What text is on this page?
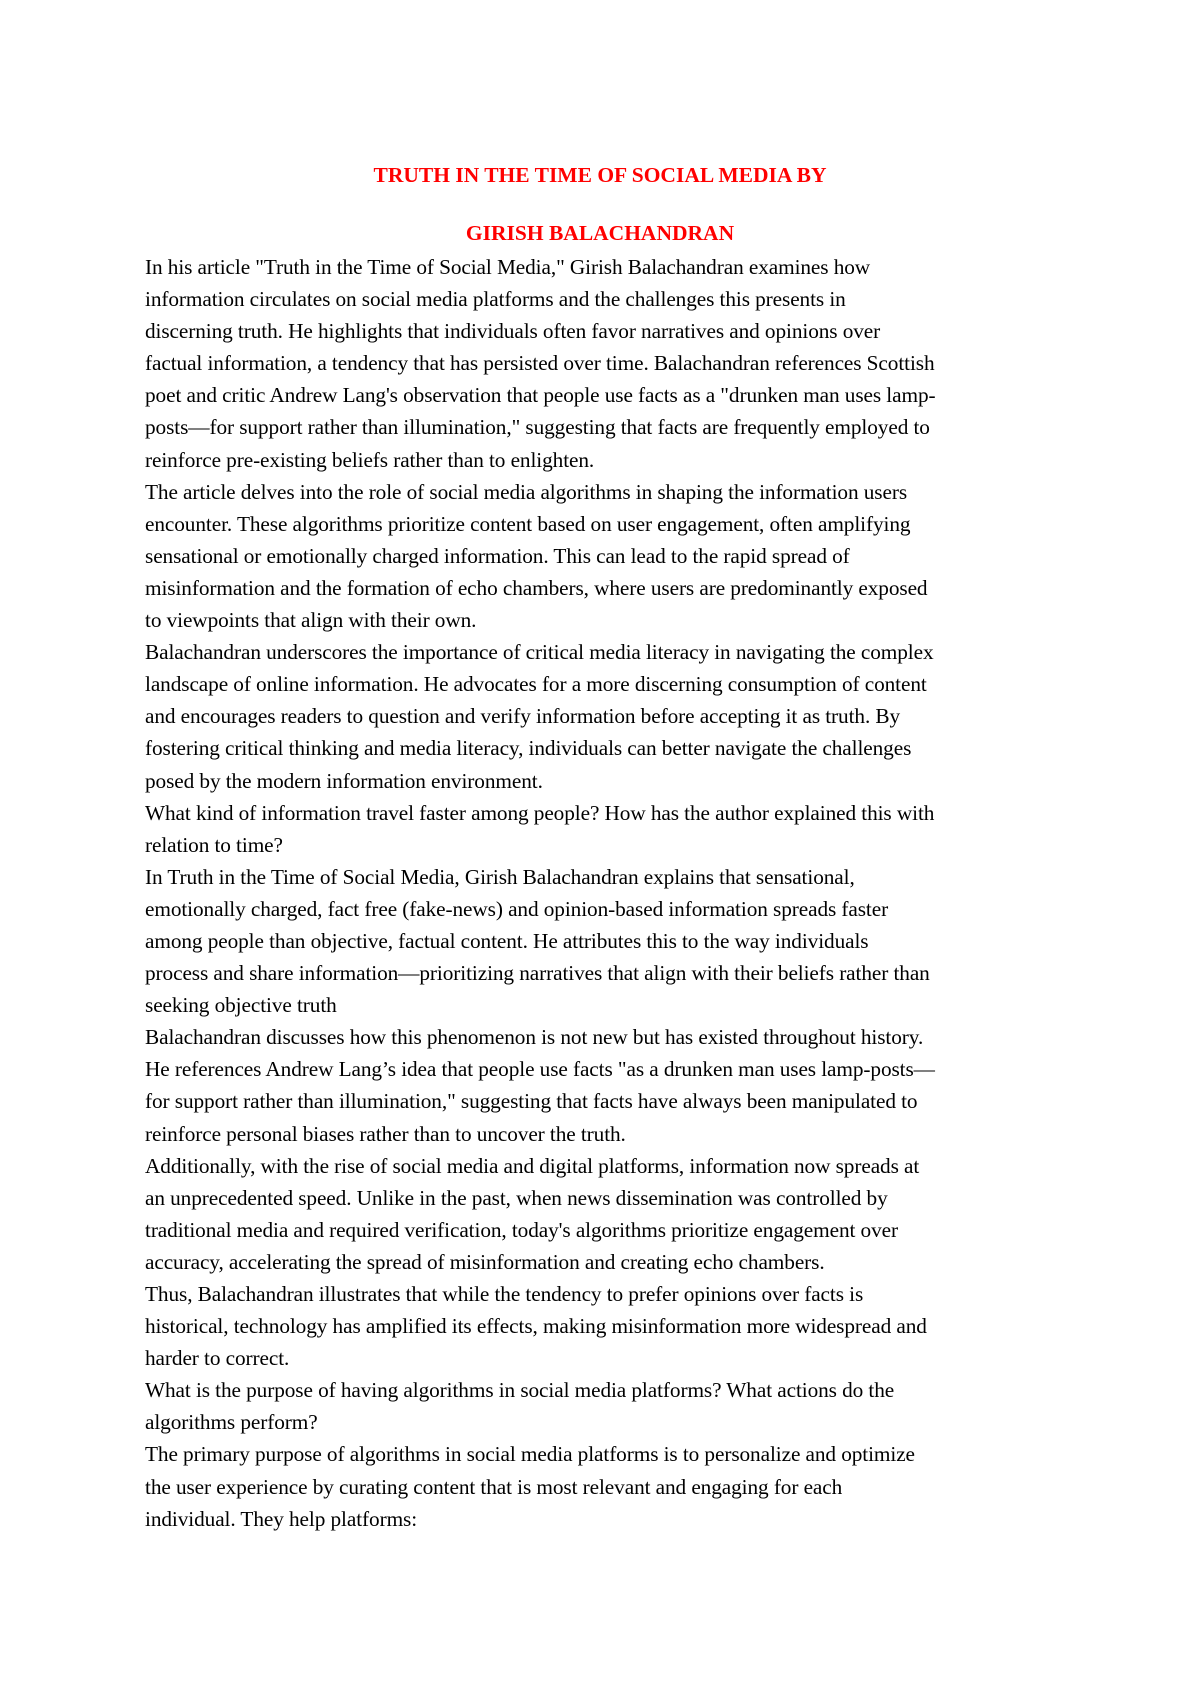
TRUTH IN THE TIME OF SOCIAL MEDIA BY
GIRISH BALACHANDRAN
In his article "Truth in the Time of Social Media," Girish Balachandran examines how
information circulates on social media platforms and the challenges this presents in
discerning truth. He highlights that individuals often favor narratives and opinions over
factual information, a tendency that has persisted over time. Balachandran references Scottish
poet and critic Andrew Lang's observation that people use facts as a "drunken man uses lamp-
posts—for support rather than illumination," suggesting that facts are frequently employed to
reinforce pre-existing beliefs rather than to enlighten.
The article delves into the role of social media algorithms in shaping the information users
encounter. These algorithms prioritize content based on user engagement, often amplifying
sensational or emotionally charged information. This can lead to the rapid spread of
misinformation and the formation of echo chambers, where users are predominantly exposed
to viewpoints that align with their own.
Balachandran underscores the importance of critical media literacy in navigating the complex
landscape of online information. He advocates for a more discerning consumption of content
and encourages readers to question and verify information before accepting it as truth. By
fostering critical thinking and media literacy, individuals can better navigate the challenges
posed by the modern information environment.
What kind of information travel faster among people? How has the author explained this with
relation to time?
In Truth in the Time of Social Media, Girish Balachandran explains that sensational,
emotionally charged, fact free (fake-news) and opinion-based information spreads faster
among people than objective, factual content. He attributes this to the way individuals
process and share information—prioritizing narratives that align with their beliefs rather than
seeking objective truth
Balachandran discusses how this phenomenon is not new but has existed throughout history.
He references Andrew Lang’s idea that people use facts "as a drunken man uses lamp-posts—
for support rather than illumination," suggesting that facts have always been manipulated to
reinforce personal biases rather than to uncover the truth.
Additionally, with the rise of social media and digital platforms, information now spreads at
an unprecedented speed. Unlike in the past, when news dissemination was controlled by
traditional media and required verification, today's algorithms prioritize engagement over
accuracy, accelerating the spread of misinformation and creating echo chambers.
Thus, Balachandran illustrates that while the tendency to prefer opinions over facts is
historical, technology has amplified its effects, making misinformation more widespread and
harder to correct.
What is the purpose of having algorithms in social media platforms? What actions do the
algorithms perform?
The primary purpose of algorithms in social media platforms is to personalize and optimize
the user experience by curating content that is most relevant and engaging for each
individual. They help platforms:
